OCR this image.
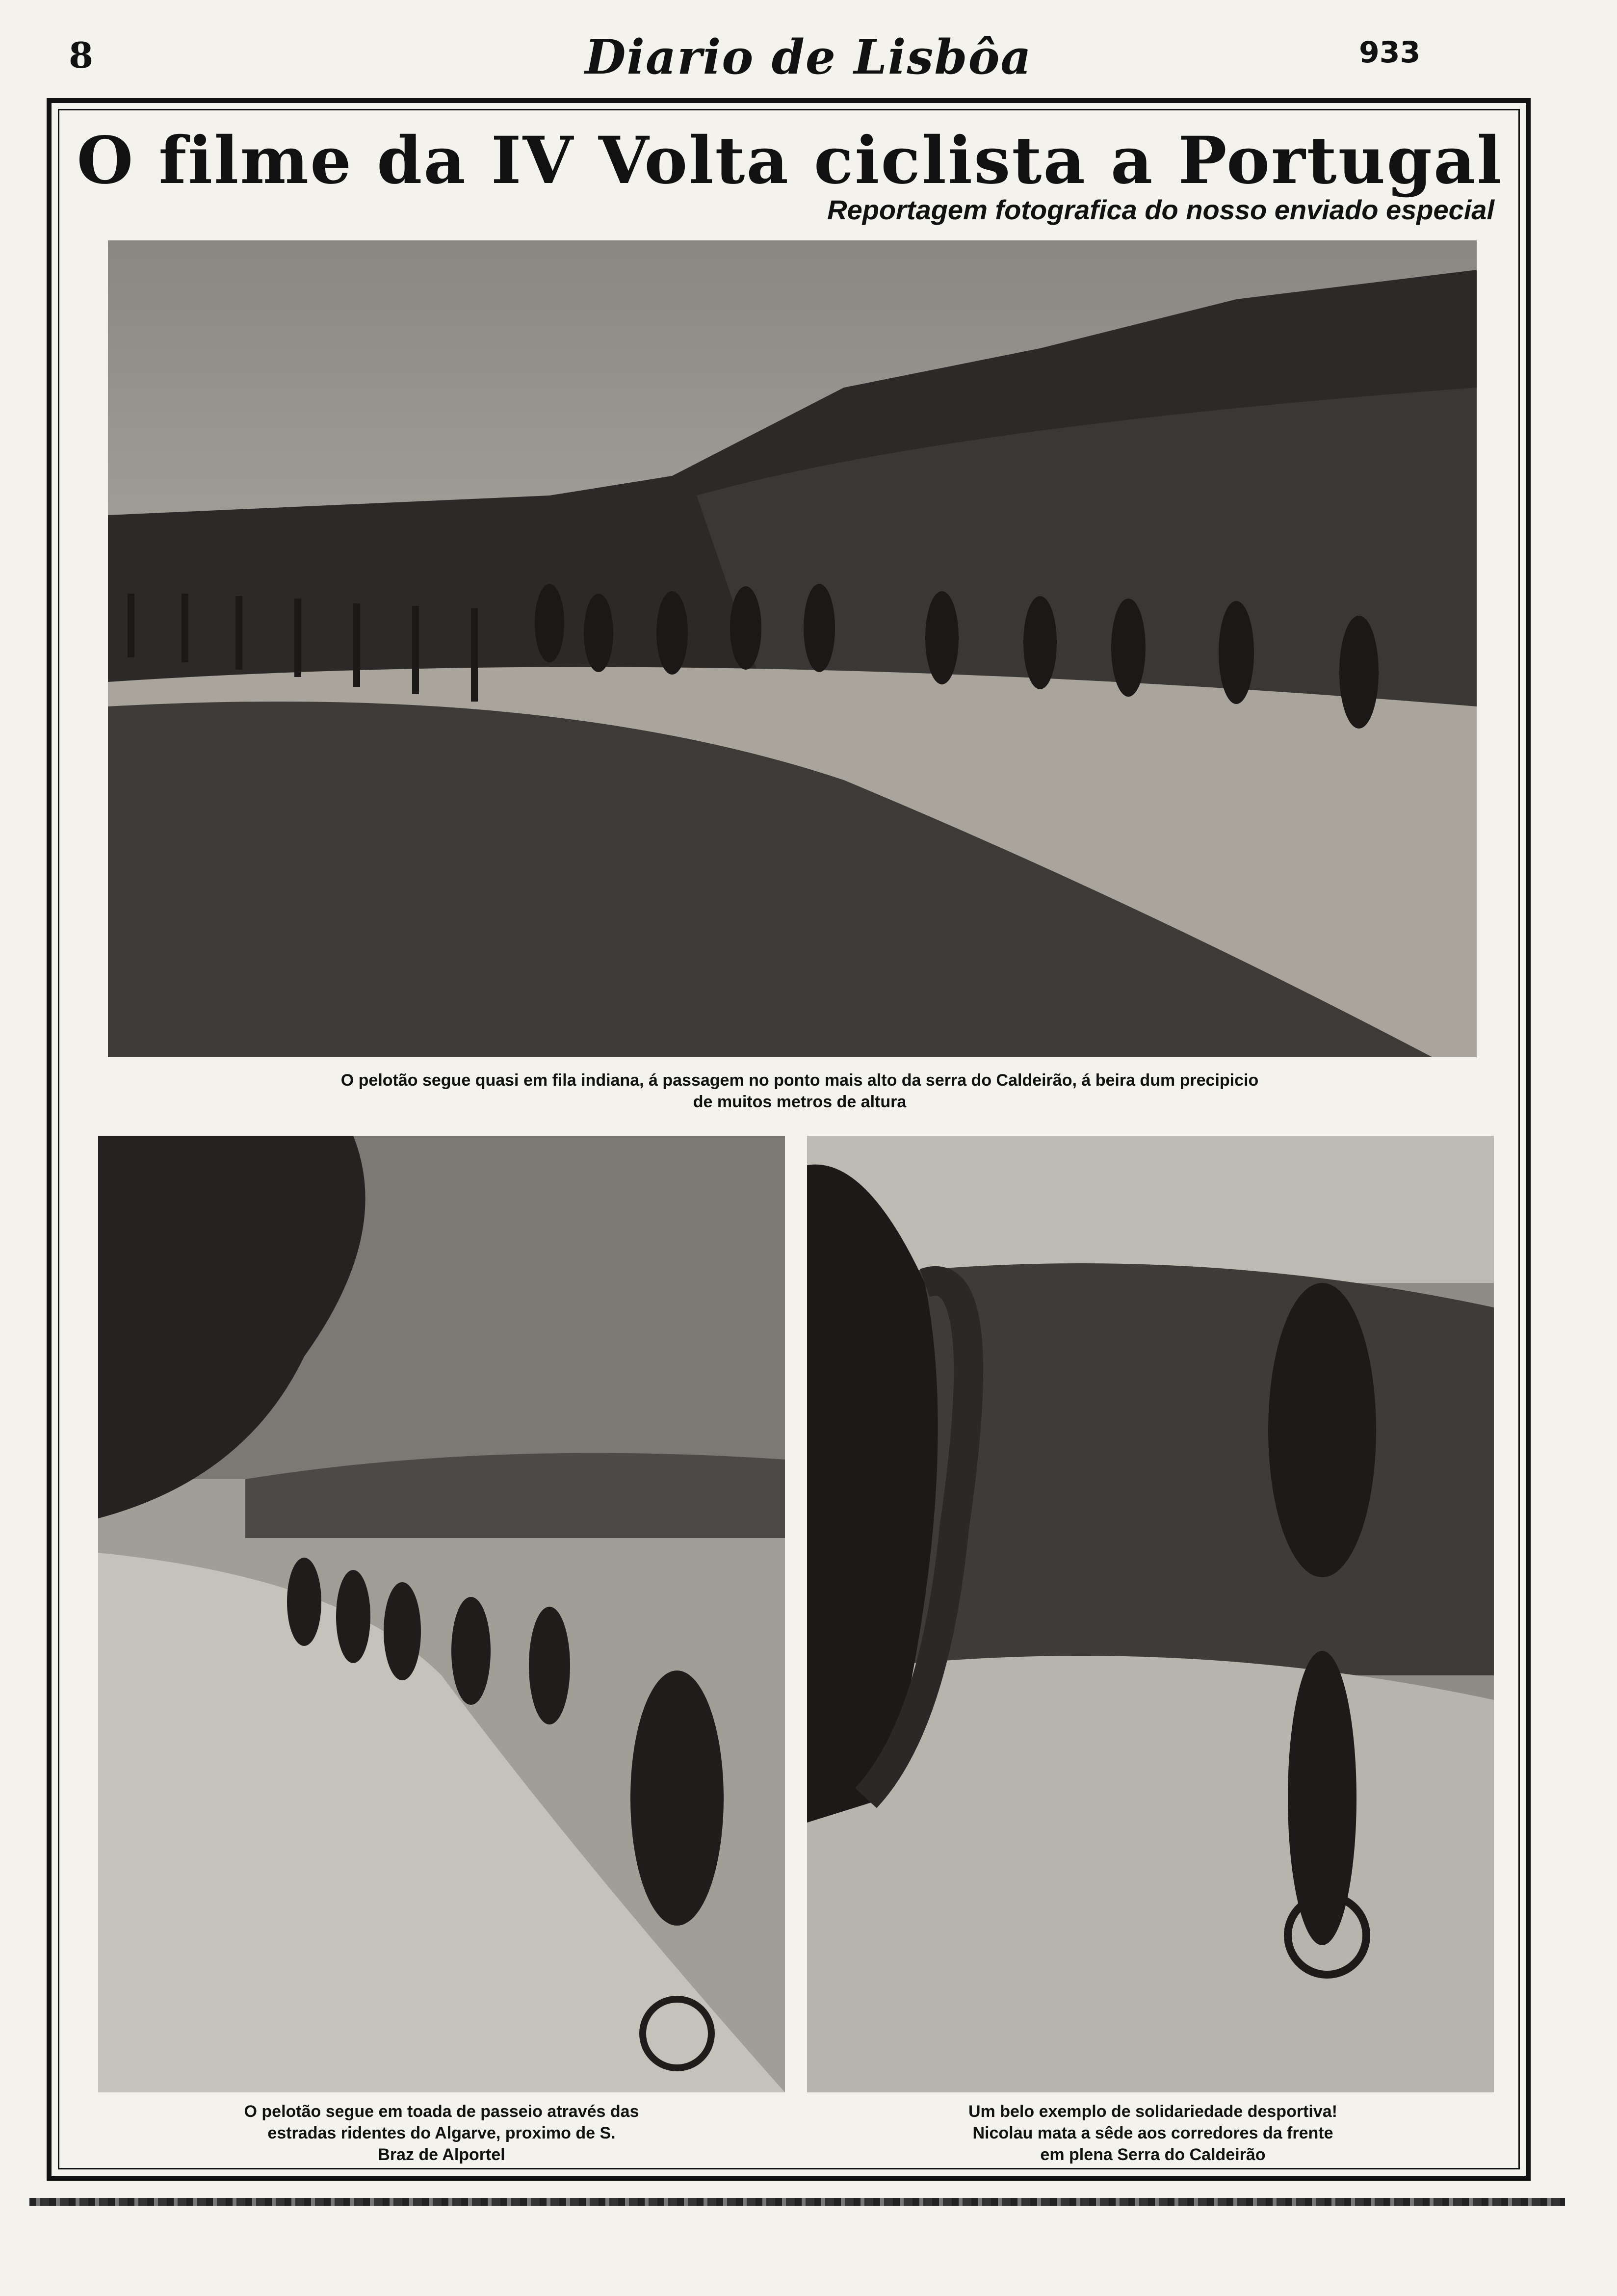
8	Diario de Lisbôa	933
O filme da IV Volta ciclista a Portugal
Reportagem fotografica do nosso enviado especial
O pelotão segue quasi em fila indiana, á passagem no ponto mais alto da serra do Caldeirão, á beira dum precipicio
de muitos metros de altura
O pelotão segue em toada de passeio através das
estradas ridentes do Algarve, proximo de S.
Braz de Alportel
Um belo exemplo de solidariedade desportiva!
Nicolau mata a sêde aos corredores da frente
em plena Serra do Caldeirão
